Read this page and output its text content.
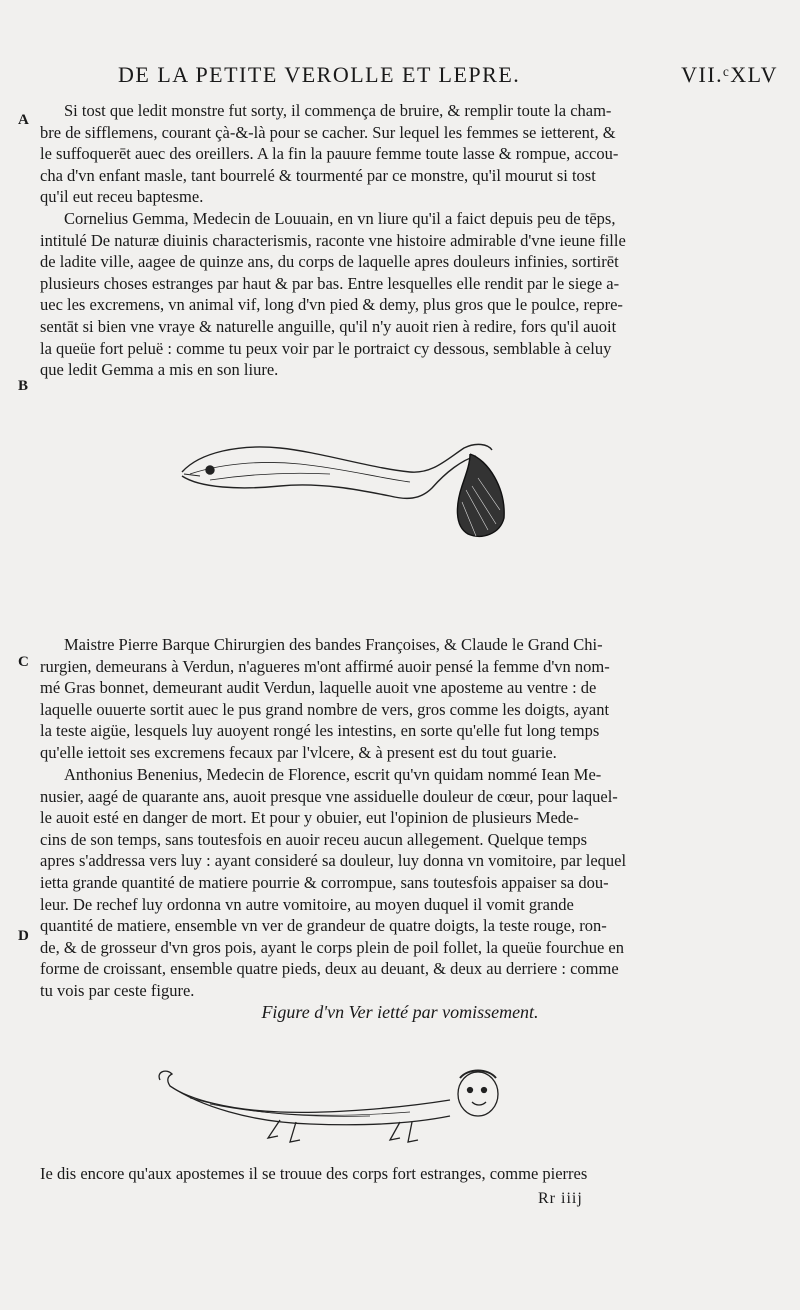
DE LA PETITE VEROLLE ET LEPRE.	VII.ᶜXLV
A
B
C
D
Si tost que ledit monstre fut sorty, il commença de bruire, & remplir toute la cham-
bre de sifflemens, courant çà-&-là pour se cacher. Sur lequel les femmes se ietterent, &
le suffoquerēt auec des oreillers. A la fin la pauure femme toute lasse & rompue, accou-
cha d'vn enfant masle, tant bourrelé & tourmenté par ce monstre, qu'il mourut si tost
qu'il eut receu baptesme.
Cornelius Gemma, Medecin de Louuain, en vn liure qu'il a faict depuis peu de tēps,
intitulé De naturæ diuinis characterismis, raconte vne histoire admirable d'vne ieune fille
de ladite ville, aagee de quinze ans, du corps de laquelle apres douleurs infinies, sortirēt
plusieurs choses estranges par haut & par bas. Entre lesquelles elle rendit par le siege a-
uec les excremens, vn animal vif, long d'vn pied & demy, plus gros que le poulce, repre-
sentāt si bien vne vraye & naturelle anguille, qu'il n'y auoit rien à redire, fors qu'il auoit
la queüe fort peluë : comme tu peux voir par le portraict cy dessous, semblable à celuy
que ledit Gemma a mis en son liure.
Maistre Pierre Barque Chirurgien des bandes Françoises, & Claude le Grand Chi-
rurgien, demeurans à Verdun, n'agueres m'ont affirmé auoir pensé la femme d'vn nom-
mé Gras bonnet, demeurant audit Verdun, laquelle auoit vne aposteme au ventre : de
laquelle ouuerte sortit auec le pus grand nombre de vers, gros comme les doigts, ayant
la teste aigüe, lesquels luy auoyent rongé les intestins, en sorte qu'elle fut long temps
qu'elle iettoit ses excremens fecaux par l'vlcere, & à present est du tout guarie.
Anthonius Benenius, Medecin de Florence, escrit qu'vn quidam nommé Iean Me-
nusier, aagé de quarante ans, auoit presque vne assiduelle douleur de cœur, pour laquel-
le auoit esté en danger de mort. Et pour y obuier, eut l'opinion de plusieurs Mede-
cins de son temps, sans toutesfois en auoir receu aucun allegement. Quelque temps
apres s'addressa vers luy : ayant consideré sa douleur, luy donna vn vomitoire, par lequel
ietta grande quantité de matiere pourrie & corrompue, sans toutesfois appaiser sa dou-
leur. De rechef luy ordonna vn autre vomitoire, au moyen duquel il vomit grande
quantité de matiere, ensemble vn ver de grandeur de quatre doigts, la teste rouge, ron-
de, & de grosseur d'vn gros pois, ayant le corps plein de poil follet, la queüe fourchue en
forme de croissant, ensemble quatre pieds, deux au deuant, & deux au derriere : comme
tu vois par ceste figure.
Figure d'vn Ver ietté par vomissement.
Ie dis encore qu'aux apostemes il se trouue des corps fort estranges, comme pierres
Rr iiij
